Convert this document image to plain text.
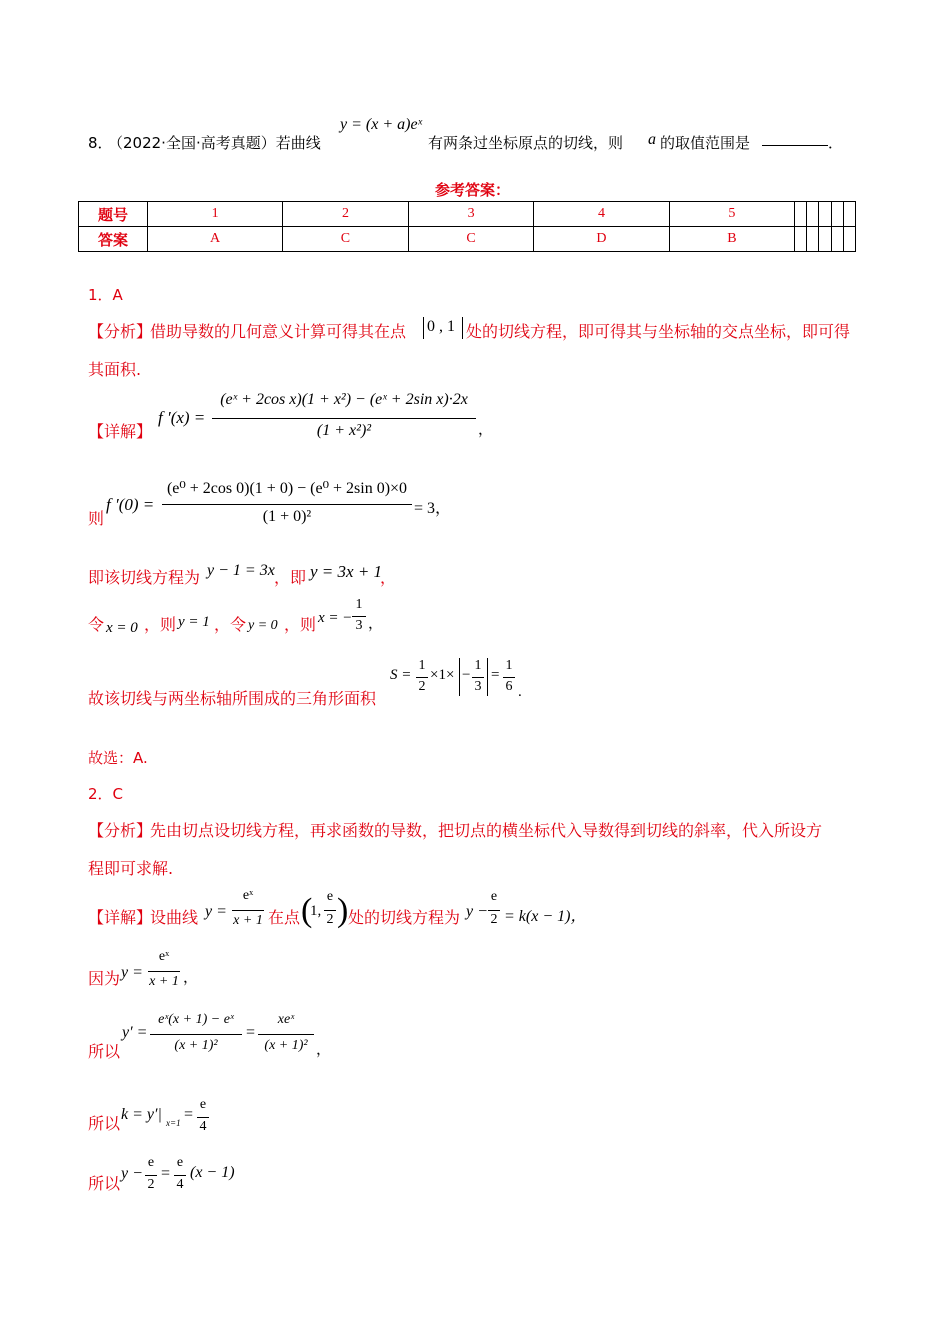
8．
（2022·全国·高考真题）若曲线
y = (x + a)eˣ
有两条过坐标原点的切线，则 a 的取值范围是	．
参考答案：
题号	1	2	3	4	5					
答案	A	C	C	D	B					
1．A
【分析】
借助导数的几何意义计算可得其在点 0 , 1 处的切线方程，即可得其与坐标轴的交点坐标，即可得
其面积.
【详解】
f ′(x) =
(eˣ + 2cos x)(1 + x²) − (eˣ + 2sin x)·2x
(1 + x²)²	，
则
f ′(0) =
(e⁰ + 2cos 0)(1 + 0) − (e⁰ + 2sin 0)×0
(1 + 0)²	= 3，
即该切线方程为 y − 1 = 3x ，即 y = 3x + 1
，
令 x = 0 ，则 y = 1 ，令 y = 0 ，则 x = −
1
3 ，
故该切线与两坐标轴所围成的三角形面积
S =
1
2
×1× −
1
3
=
1
6 .
故选：A.
2．C
【分析】
先由切点设切线方程，再求函数的导数，把切点的横坐标代入导数得到切线的斜率，代入所设方
程即可求解.
【详解】
设曲线 y =
eˣ
x + 1 在点 (
1,
e
2 ) 处的切线方程为 y −
e
2 = k(x − 1)，
因为 y =
eˣ
x + 1 ，
所以
y′ =
eˣ(x + 1) − eˣ
(x + 1)²
=
xeˣ
(x + 1)² ，
所以 k = y′| x=1 =
e
4
所以
y −
e
2
=
e
4
(x − 1)
